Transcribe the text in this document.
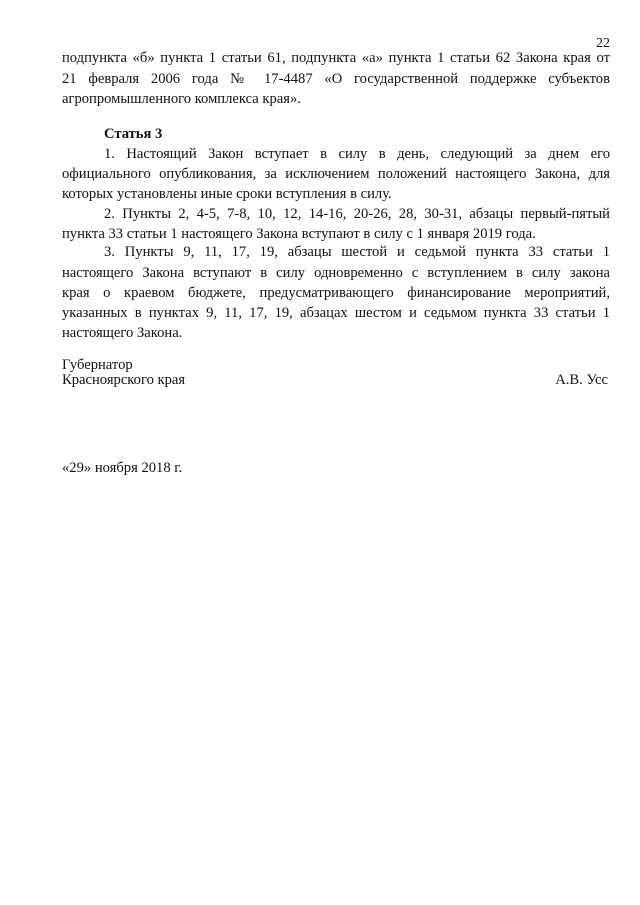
22
подпункта «б» пункта 1 статьи 61, подпункта «а» пункта 1 статьи 62 Закона края от
21 февраля 2006 года № 17-4487 «О государственной поддержке субъектов
агропромышленного комплекса края».
Статья 3
1. Настоящий Закон вступает в силу в день, следующий за днем его
официального опубликования, за исключением положений настоящего Закона, для
которых установлены иные сроки вступления в силу.
2. Пункты 2, 4-5, 7-8, 10, 12, 14-16, 20-26, 28, 30-31, абзацы первый-пятый
пункта 33 статьи 1 настоящего Закона вступают в силу с 1 января 2019 года.
3. Пункты 9, 11, 17, 19, абзацы шестой и седьмой пункта 33 статьи 1
настоящего Закона вступают в силу одновременно с вступлением в силу закона
края о краевом бюджете, предусматривающего финансирование мероприятий,
указанных в пунктах 9, 11, 17, 19, абзацах шестом и седьмом пункта 33 статьи 1
настоящего Закона.
Губернатор
Красноярского края	А.В. Усс
«29» ноября 2018 г.
